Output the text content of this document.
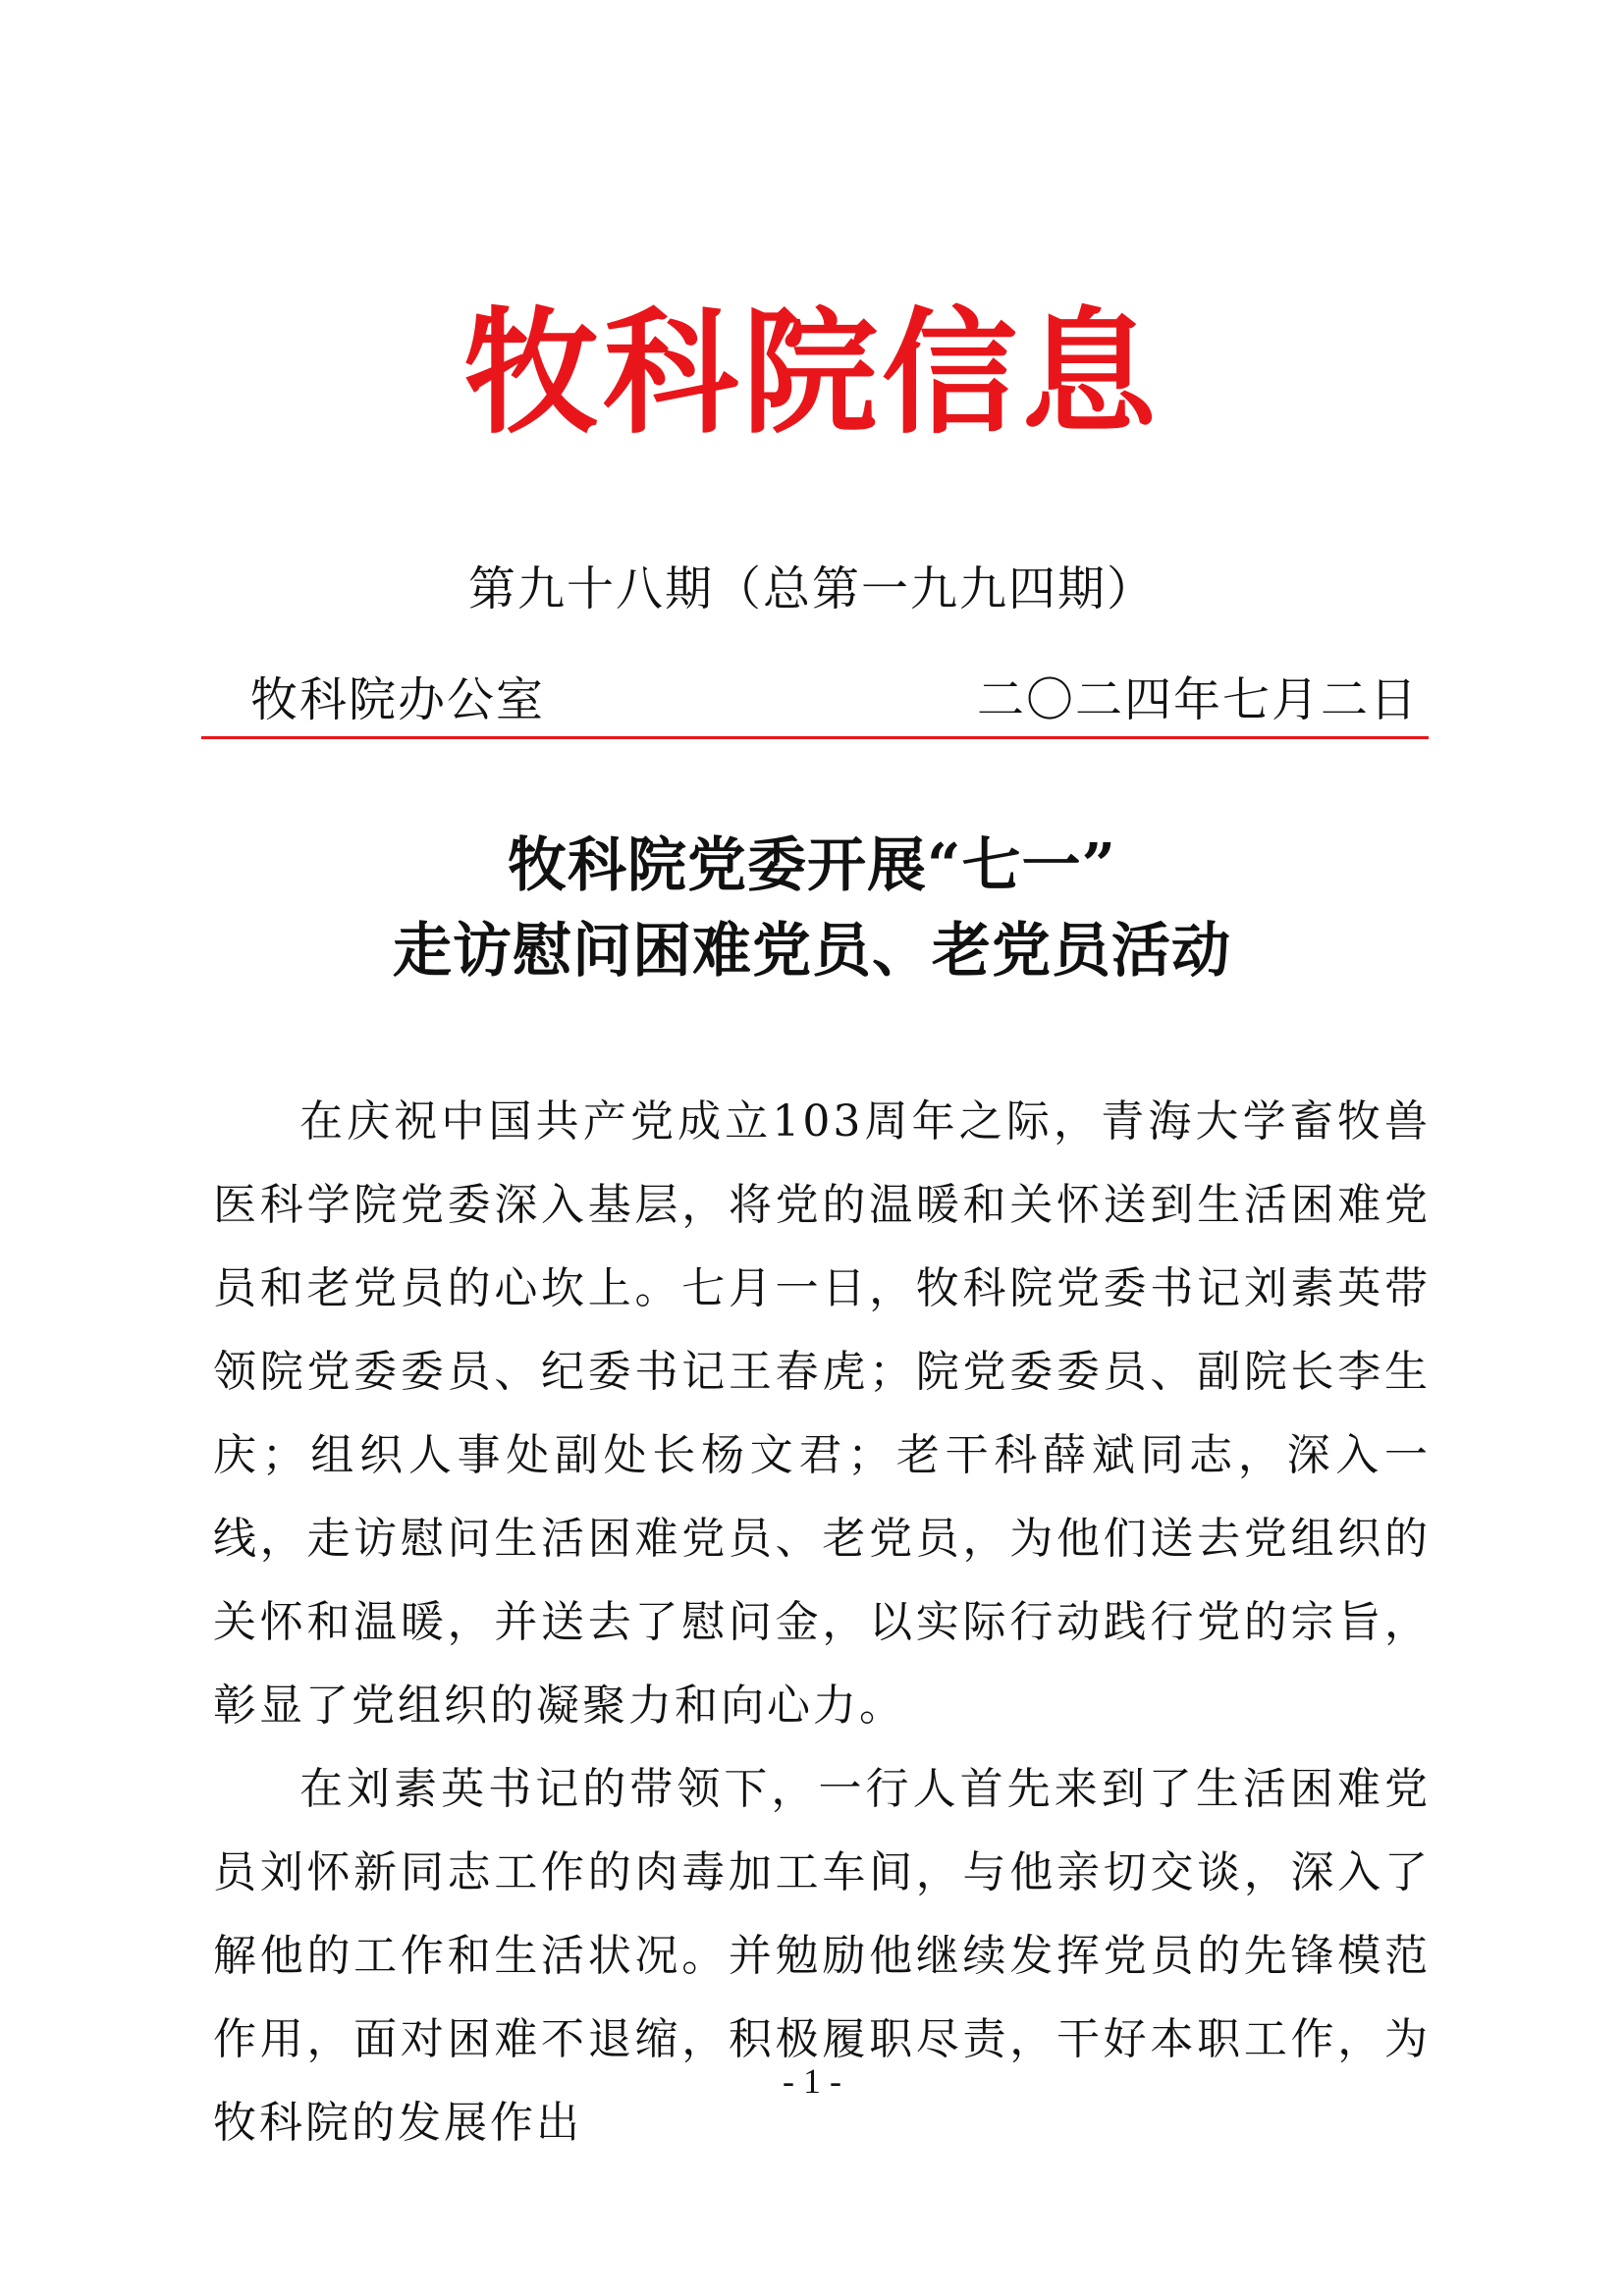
牧科院信息
第九十八期（总第一九九四期）
牧科院办公室	二〇二四年七月二日
牧科院党委开展“七一”
走访慰问困难党员、老党员活动

在庆祝中国共产党成立103周年之际，青海大学畜牧兽医科学院党委深入基层，将党的温暖和关怀送到生活困难党员和老党员的心坎上。七月一日，牧科院党委书记刘素英带领院党委委员、纪委书记王春虎；院党委委员、副院长李生庆；组织人事处副处长杨文君；老干科薛斌同志，深入一线，走访慰问生活困难党员、老党员，为他们送去党组织的关怀和温暖，并送去了慰问金，以实际行动践行党的宗旨，彰显了党组织的凝聚力和向心力。

在刘素英书记的带领下，一行人首先来到了生活困难党员刘怀新同志工作的肉毒加工车间，与他亲切交谈，深入了解他的工作和生活状况。并勉励他继续发挥党员的先锋模范作用，面对困难不退缩，积极履职尽责，干好本职工作，为牧科院的发展作出

- 1 -
